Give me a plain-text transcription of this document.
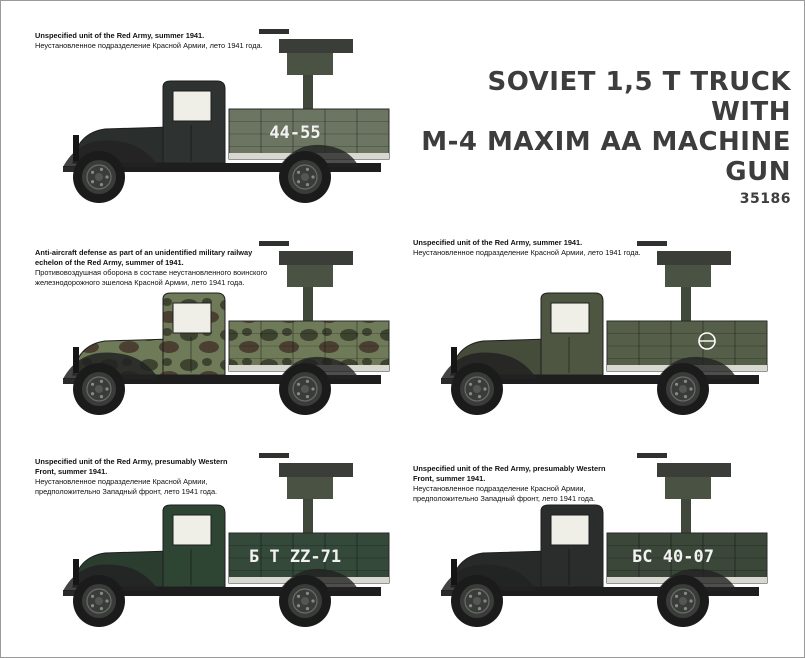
SOVIET 1,5 T TRUCK WITH
M-4 MAXIM AA MACHINE GUN
35186
Unspecified unit of the Red Army, summer 1941.
Неустановленное подразделение Красной Армии, лето 1941 года.
Anti-aircraft defense as part of an unidentified military railway echelon of the Red Army, summer of 1941.
Противовоздушная оборона в составе неустановленного воинского железнодорожного эшелона Красной Армии, лето 1941 года.
Unspecified unit of the Red Army, summer 1941.
Неустановленное подразделение Красной Армии, лето 1941 года.
Unspecified unit of the Red Army, presumably Western Front, summer 1941.
Неустановленное подразделение Красной Армии, предположительно Западный фронт, лето 1941 года.
Unspecified unit of the Red Army, presumably Western Front, summer 1941.
Неустановленное подразделение Красной Армии, предположительно Западный фронт, лето 1941 года.
44-55
Б Т ZZ-71	БС 40-07
